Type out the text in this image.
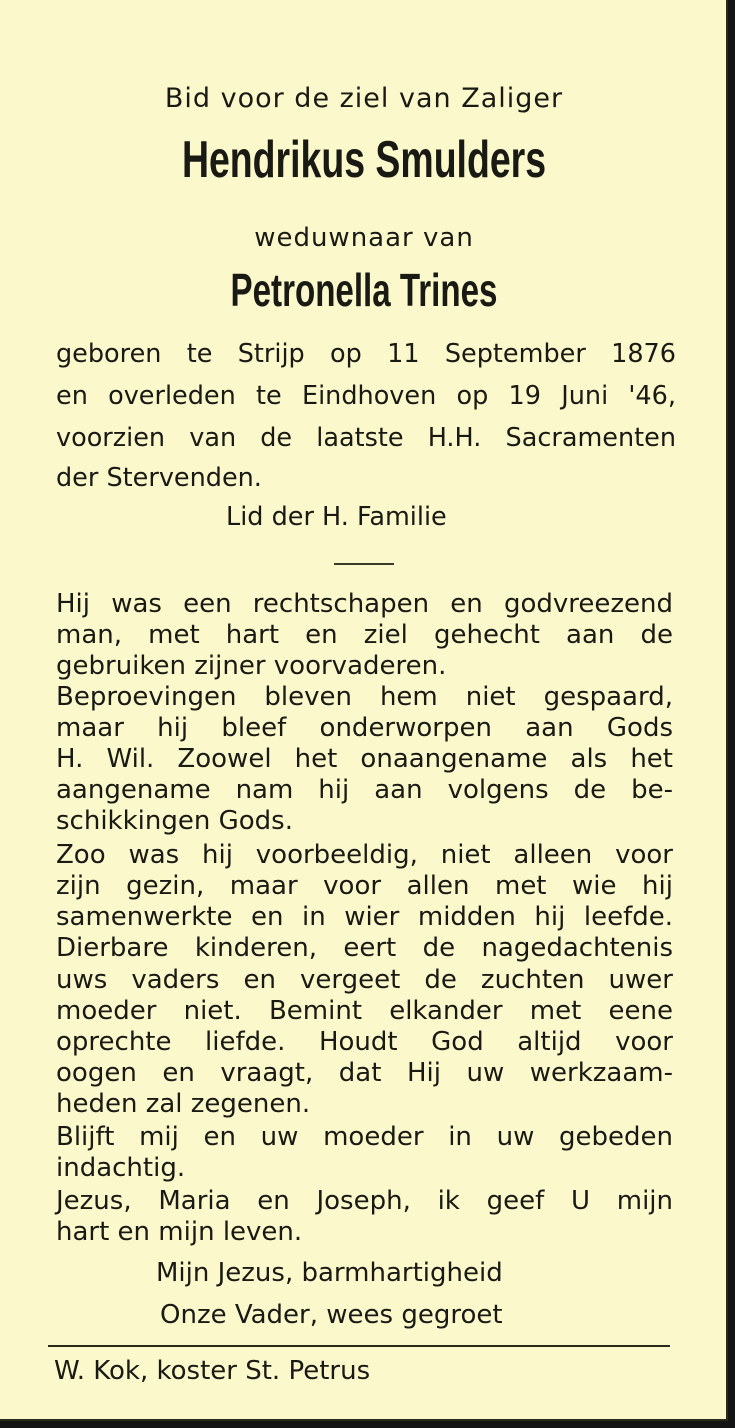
Bid voor de ziel van Zaliger
Hendrikus Smulders
weduwnaar van
Petronella Trines
geboren te Strijp op 11 September 1876
en overleden te Eindhoven op 19 Juni '46,
voorzien van de laatste H.H. Sacramenten
der Stervenden.
Lid der H. Familie
Hij was een rechtschapen en godvreezend
man, met hart en ziel gehecht aan de
gebruiken zijner voorvaderen.
Beproevingen bleven hem niet gespaard,
maar hij bleef onderworpen aan Gods
H. Wil. Zoowel het onaangename als het
aangename nam hij aan volgens de be-
schikkingen Gods.
Zoo was hij voorbeeldig, niet alleen voor
zijn gezin, maar voor allen met wie hij
samenwerkte en in wier midden hij leefde.
Dierbare kinderen, eert de nagedachtenis
uws vaders en vergeet de zuchten uwer
moeder niet. Bemint elkander met eene
oprechte liefde. Houdt God altijd voor
oogen en vraagt, dat Hij uw werkzaam-
heden zal zegenen.
Blijft mij en uw moeder in uw gebeden
indachtig.
Jezus, Maria en Joseph, ik geef U mijn
hart en mijn leven.
Mijn Jezus, barmhartigheid
Onze Vader, wees gegroet
W. Kok, koster St. Petrus
